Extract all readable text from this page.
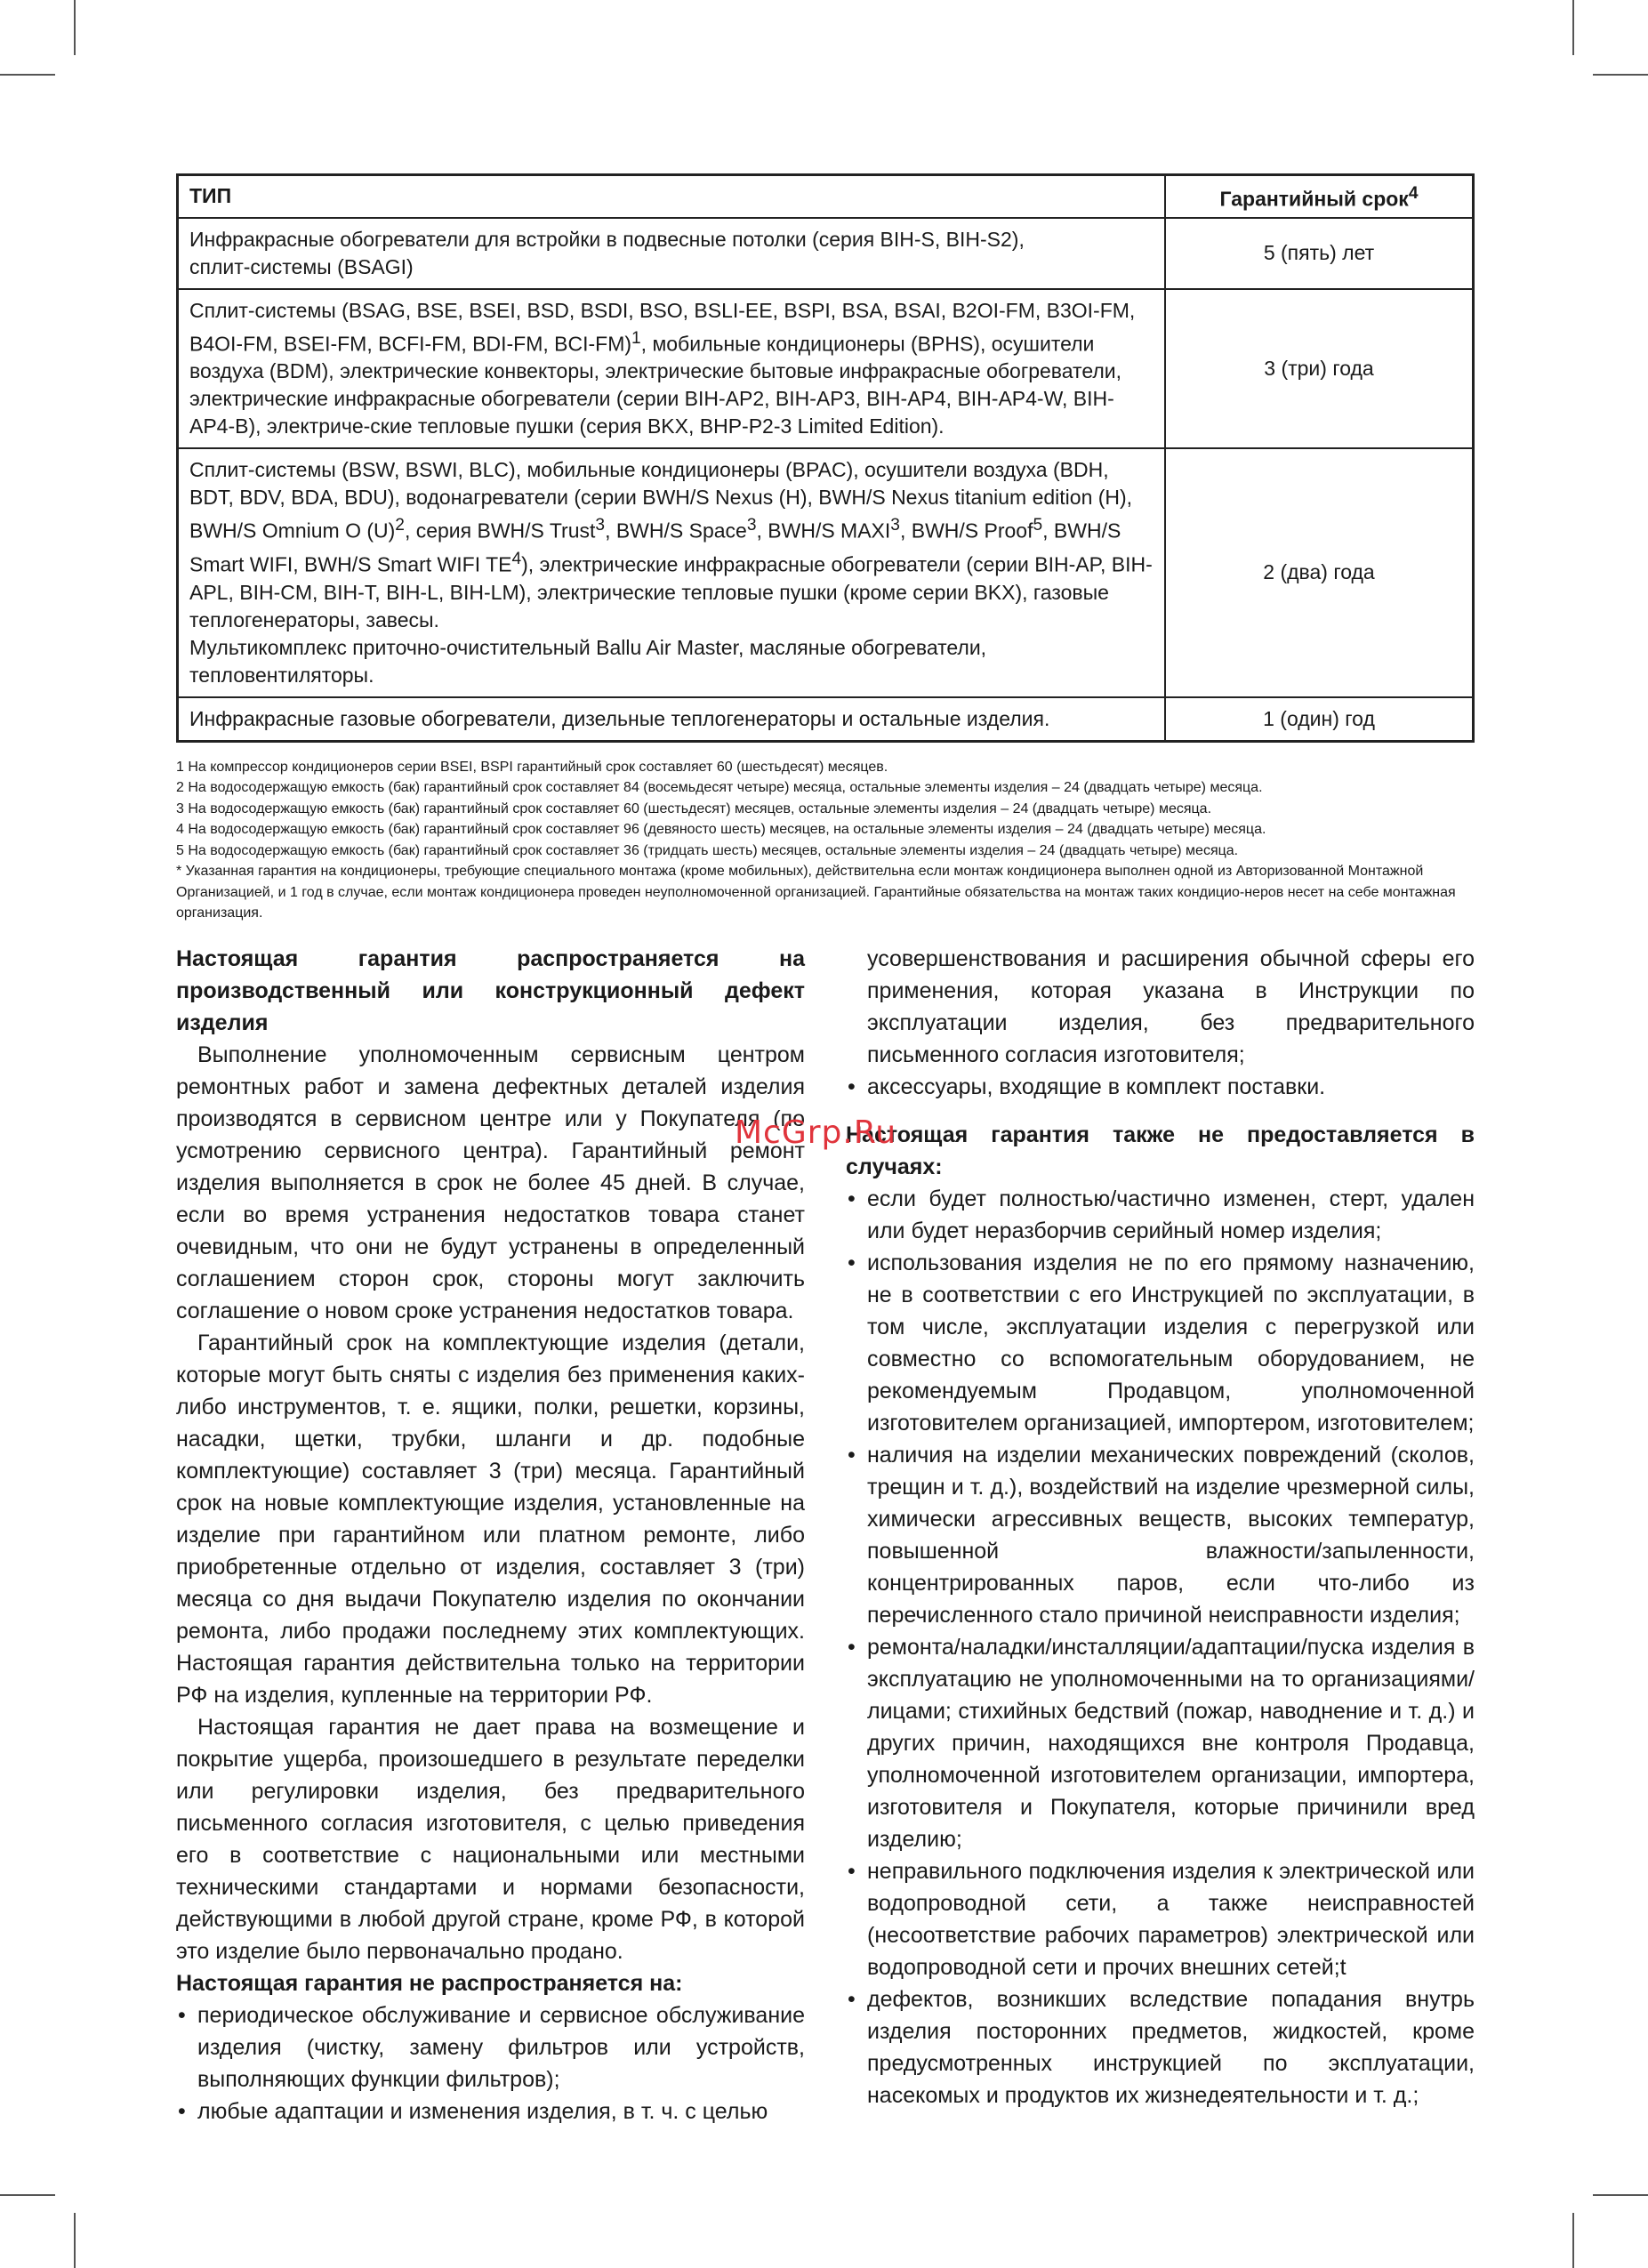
ТИП	Гарантийный срок$^4$
Инфракрасные обогреватели для встройки в подвесные потолки (серия BIH-S, BIH-S2),
сплит-системы (BSAGI)	5 (пять) лет
Сплит-системы (BSAG, BSE, BSEI, BSD, BSDI, BSO, BSLI-EE, BSPI, BSA, BSAI, B2OI-FM, B3OI-FM, B4OI-FM, BSEI-FM, BCFI-FM, BDI-FM, BCI-FM)$^1$, мобильные кондиционеры (BPHS), осушители воздуха (BDM), электрические конвекторы, электрические бытовые инфракрасные обогреватели, электрические инфракрасные обогреватели (серии BIH-AP2, BIH-AP3, BIH-AP4, BIH-AP4-W, BIH-AP4-B), электриче-ские тепловые пушки (серия BKX, BHP-P2-3 Limited Edition).	3 (три) года
Сплит-системы (BSW, BSWI, BLC), мобильные кондиционеры (BPAC), осушители воздуха (BDH, BDT, BDV, BDA, BDU), водонагреватели (серии BWH/S Nexus (H), BWH/S Nexus titanium edition (H), BWH/S Omnium O $(U)^2$, серия BWH/S Trust$^3$, BWH/S Space$^3$, BWH/S MAXI$^3$, BWH/S Proof$^5$, BWH/S Smart WIFI, BWH/S Smart WIFI $TE^4$), электрические инфракрасные обогреватели (серии BIH-AP, BIH-APL, BIH-CM, BIH-T, BIH-L, BIH-LM), электрические тепловые пушки (кроме серии BKX), газовые теплогенераторы, завесы.
Мультикомплекс приточно-очистительный Ballu Air Master, масляные обогреватели, тепловентиляторы.	2 (два) года
Инфракрасные газовые обогреватели, дизельные теплогенераторы и остальные изделия.	1 (один) год
1 На компрессор кондиционеров серии BSEI, BSPI гарантийный срок составляет 60 (шестьдесят) месяцев.
2 На водосодержащую емкость (бак) гарантийный срок составляет 84 (восемьдесят четыре) месяца, остальные элементы изделия – 24 (двадцать четыре) месяца.
3 На водосодержащую емкость (бак) гарантийный срок составляет 60 (шестьдесят) месяцев, остальные элементы изделия – 24 (двадцать четыре) месяца.
4 На водосодержащую емкость (бак) гарантийный срок составляет 96 (девяносто шесть) месяцев, на остальные элементы изделия – 24 (двадцать четыре) месяца.
5 На водосодержащую емкость (бак) гарантийный срок составляет 36 (тридцать шесть) месяцев, остальные элементы изделия – 24 (двадцать четыре) месяца.
* Указанная гарантия на кондиционеры, требующие специального монтажа (кроме мобильных), действительна если монтаж кондиционера выполнен одной из Авторизованной Монтажной Организацией, и 1 год в случае, если монтаж кондиционера проведен неуполномоченной организацией. Гарантийные обязательства на монтаж таких кондицио-неров несет на себе монтажная организация.
Настоящая гарантия распространяется на производственный или конструкционный дефект изделия

Выполнение уполномоченным сервисным центром ремонтных работ и замена дефектных деталей изделия производятся в сервисном центре или у Покупателя (по усмотрению сервисного центра). Гарантийный ремонт изделия выполняется в срок не более 45 дней. В случае, если во время устранения недостатков товара станет очевидным, что они не будут устранены в определенный соглашением сторон срок, стороны могут заключить соглашение о новом сроке устранения недостатков товара.

Гарантийный срок на комплектующие изделия (детали, которые могут быть сняты с изделия без применения каких-либо инструментов, т. е. ящики, полки, решетки, корзины, насадки, щетки, трубки, шланги и др. подобные комплектующие) составляет 3 (три) месяца. Гарантийный срок на новые комплектующие изделия, установленные на изделие при гарантийном или платном ремонте, либо приобретенные отдельно от изделия, составляет 3 (три) месяца со дня выдачи Покупателю изделия по окончании ремонта, либо продажи последнему этих комплектующих. Настоящая гарантия действительна только на территории РФ на изделия, купленные на территории РФ.

Настоящая гарантия не дает права на возмещение и покрытие ущерба, произошедшего в результате переделки или регулировки изделия, без предварительного письменного согласия изготовителя, с целью приведения его в соответствие с национальными или местными техническими стандартами и нормами безопасности, действующими в любой другой стране, кроме РФ, в которой это изделие было первоначально продано.

Настоящая гарантия не распространяется на:
• периодическое обслуживание и сервисное обслуживание изделия (чистку, замену фильтров или устройств, выполняющих функции фильтров);
• любые адаптации и изменения изделия, в т. ч. с целью
усовершенствования и расширения обычной сферы его применения, которая указана в Инструкции по эксплуатации изделия, без предварительного письменного согласия изготовителя;
• аксессуары, входящие в комплект поставки.
Настоящая гарантия также не предоставляется в случаях:
• если будет полностью/частично изменен, стерт, удален или будет неразборчив серийный номер изделия;
• использования изделия не по его прямому назначению, не в соответствии с его Инструкцией по эксплуатации, в том числе, эксплуатации изделия с перегрузкой или совместно со вспомогательным оборудованием, не рекомендуемым Продавцом, уполномоченной изготовителем организацией, импортером, изготовителем;
• наличия на изделии механических повреждений (сколов, трещин и т. д.), воздействий на изделие чрезмерной силы, химически агрессивных веществ, высоких температур, повышенной влажности/запыленности, концентрированных паров, если что-либо из перечисленного стало причиной неисправности изделия;
• ремонта/наладки/инсталляции/адаптации/пуска изделия в эксплуатацию не уполномоченными на то организациями/лицами; стихийных бедствий (пожар, наводнение и т. д.) и других причин, находящихся вне контроля Продавца, уполномоченной изготовителем организации, импортера, изготовителя и Покупателя, которые причинили вред изделию;
• неправильного подключения изделия к электрической или водопроводной сети, а также неисправностей (несоответствие рабочих параметров) электрической или водопроводной сети и прочих внешних сетей;t
• дефектов, возникших вследствие попадания внутрь изделия посторонних предметов, жидкостей, кроме предусмотренных инструкцией по эксплуатации, насекомых и продуктов их жизнедеятельности и т. д.;
McGrp.Ru
